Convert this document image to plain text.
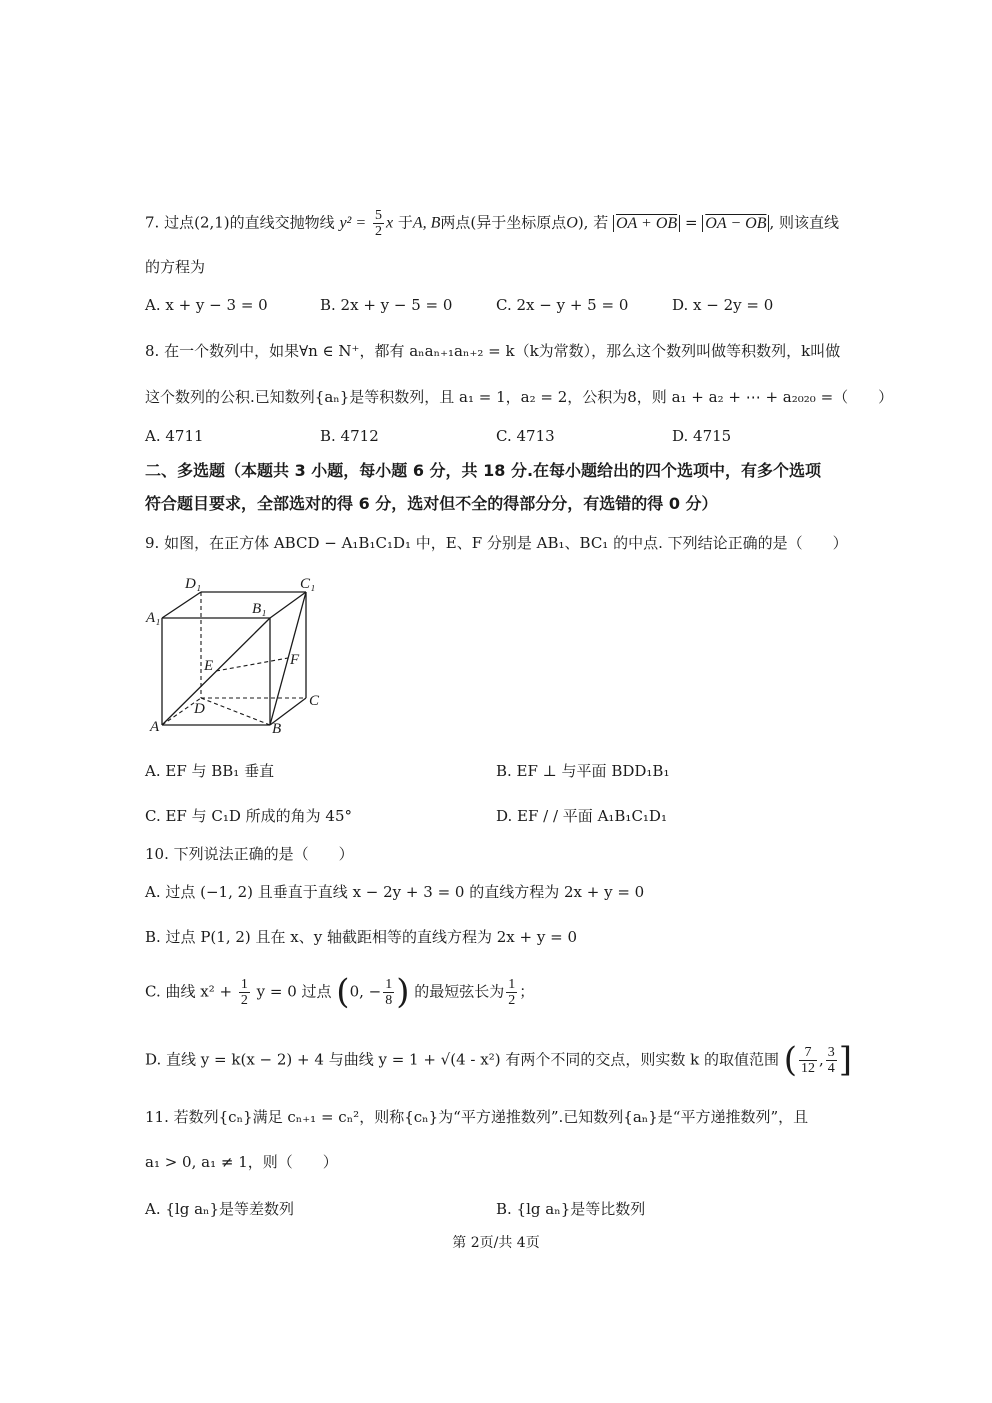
7. 过点(2,1)的直线交抛物线 $y^2 = \frac{5}{2}$ x 于A, B两点(异于坐标原点O), 若 OA + OB = OA − OB , 则该直线
的方程为
A. x + y − 3 = 0	B. 2x + y − 5 = 0	C. 2x − y + 5 = 0	D. x − 2y = 0
8. 在一个数列中，如果∀n ∈ N⁺，都有 aₙaₙ₊₁aₙ₊₂ = k（k为常数），那么这个数列叫做等积数列，k叫做
这个数列的公积.已知数列{aₙ}是等积数列，且 a₁ = 1，a₂ = 2，公积为8，则 a₁ + a₂ + ⋯ + a₂₀₂₀ =（　　）
A. 4711	B. 4712	C. 4713	D. 4715
二、多选题（本题共 3 小题，每小题 6 分，共 18 分.在每小题给出的四个选项中，有多个选项
符合题目要求，全部选对的得 6 分，选对但不全的得部分分，有选错的得 0 分）
9. 如图，在正方体 ABCD − A₁B₁C₁D₁ 中，E、F 分别是 AB₁、BC₁ 的中点. 下列结论正确的是（　　）
D₁	C₁
B₁
A₁
E	F
D	C
A	B
A. EF 与 BB₁ 垂直	B. EF ⊥ 与平面 BDD₁B₁
C. EF 与 C₁D 所成的角为 45°	D. EF / / 平面 A₁B₁C₁D₁
10. 下列说法正确的是（　　）
A. 过点 (−1, 2) 且垂直于直线 x − 2y + 3 = 0 的直线方程为 2x + y = 0
B. 过点 P(1, 2) 且在 x、y 轴截距相等的直线方程为 2x + y = 0
C. 曲线 $x^2 + \frac{1}{2}$ y = 0 过点 (0, − $\frac{1}{8}$ ) 的最短弦长为 $\frac{1}{2}$ ；
D. 直线 y = k(x − 2) + 4 与曲线 y = 1 + √(4 - x²) 有两个不同的交点，则实数 k 的取值范围 ( $\frac{7}{12}$ , $\frac{3}{4}$ ]
11. 若数列{cₙ}满足 cₙ₊₁ = cₙ²，则称{cₙ}为“平方递推数列”.已知数列{aₙ}是“平方递推数列”，且
a₁ > 0, a₁ ≠ 1，则（　　）
A. {lg aₙ}是等差数列	B. {lg aₙ}是等比数列
第 2页/共 4页
